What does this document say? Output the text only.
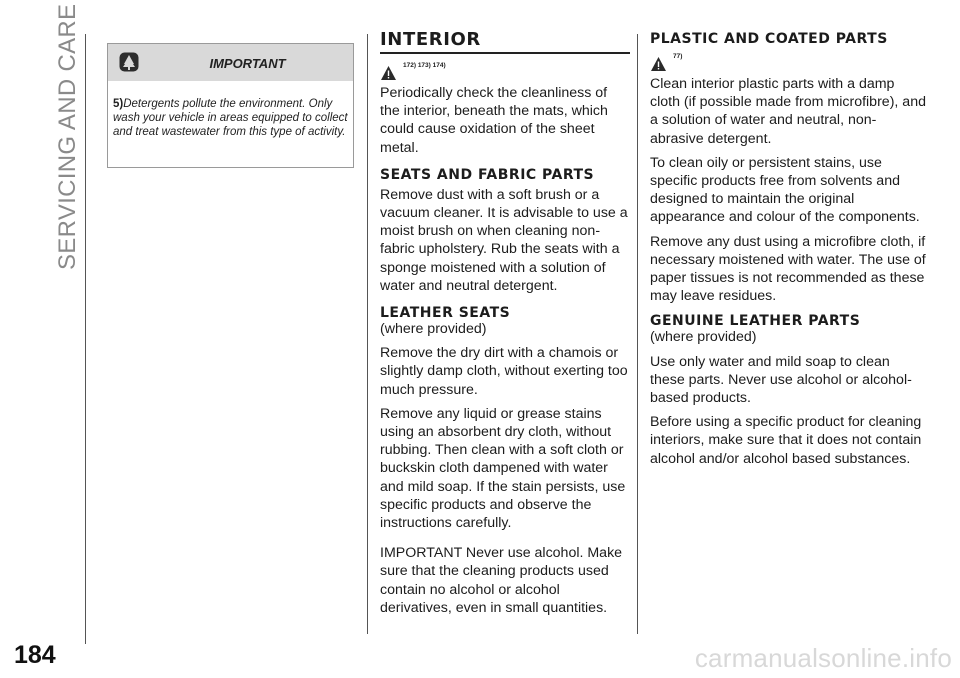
SERVICING AND CARE
184
IMPORTANT
5)Detergents pollute the environment. Only wash your vehicle in areas equipped to collect and treat wastewater from this type of activity.
INTERIOR
172) 173) 174)

Periodically check the cleanliness of the interior, beneath the mats, which could cause oxidation of the sheet metal.

SEATS AND FABRIC PARTS

Remove dust with a soft brush or a vacuum cleaner. It is advisable to use a moist brush on when cleaning non-fabric upholstery. Rub the seats with a sponge moistened with a solution of water and neutral detergent.

LEATHER SEATS

(where provided)

Remove the dry dirt with a chamois or slightly damp cloth, without exerting too much pressure.

Remove any liquid or grease stains using an absorbent dry cloth, without rubbing. Then clean with a soft cloth or buckskin cloth dampened with water and mild soap. If the stain persists, use specific products and observe the instructions carefully.

IMPORTANT Never use alcohol. Make sure that the cleaning products used contain no alcohol or alcohol derivatives, even in small quantities.

PLASTIC AND COATED PARTS
77)

Clean interior plastic parts with a damp cloth (if possible made from microfibre), and a solution of water and neutral, non-abrasive detergent.

To clean oily or persistent stains, use specific products free from solvents and designed to maintain the original appearance and colour of the components.

Remove any dust using a microfibre cloth, if necessary moistened with water. The use of paper tissues is not recommended as these may leave residues.

GENUINE LEATHER PARTS

(where provided)

Use only water and mild soap to clean these parts. Never use alcohol or alcohol-based products.

Before using a specific product for cleaning interiors, make sure that it does not contain alcohol and/or alcohol based substances.

carmanualsonline.info
